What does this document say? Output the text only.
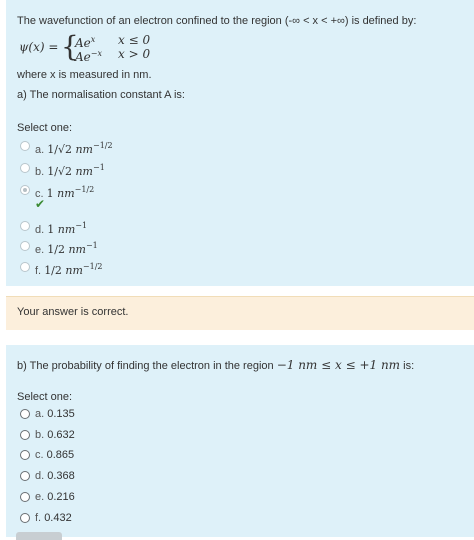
The wavefunction of an electron confined to the region (-∞ < x < +∞) is defined by:
ψ(x) = {
Ae$^x$ x ≤ 0
$Ae^{-x}$ x > 0
where x is measured in nm.
a) The normalisation constant A is:
Select one:
a. 1/√2 $nm^{-1/2}$
b. 1/√2 $nm^{-1}$
c. 1 $nm^{-1/2}$
✔
d. 1 $nm^{-1}$
e. 1/2 $nm^{-1}$
f. 1/2 $nm^{-1/2}$
Your answer is correct.
b) The probability of finding the electron in the region −1 nm ≤ x ≤ +1 nm is:
Select one:
a. 0.135
b. 0.632
c. 0.865
d. 0.368
e. 0.216
f. 0.432
